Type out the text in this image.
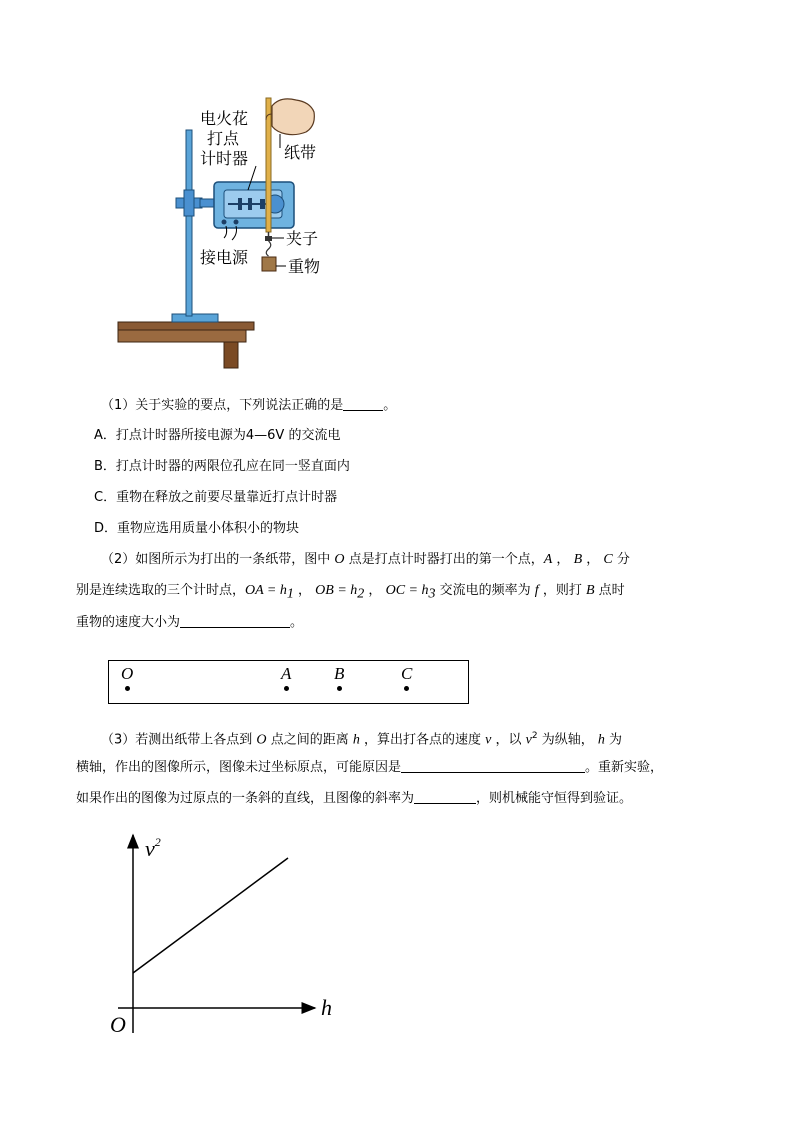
电火花
打点
计时器 纸带
夹子
接电源 重物
（1）关于实验的要点，下列说法正确的是	。
A．打点计时器所接电源为4—6V 的交流电
B．打点计时器的两限位孔应在同一竖直面内
C．重物在释放之前要尽量靠近打点计时器
D．重物应选用质量小体积小的物块
（2）如图所示为打出的一条纸带，图中 O 点是打点计时器打出的第一个点，A ， B ， C 分
别是连续选取的三个计时点，OA = $h_1$ ， OB = $h_2$ ， OC = $h_3$ 交流电的频率为 f ，则打 B 点时
重物的速度大小为	。
O	A	B	C
（3）若测出纸带上各点到 O 点之间的距离 h ，算出打各点的速度 v ，以 $v^2$ 为纵轴， h 为
横轴，作出的图像所示，图像未过坐标原点，可能原因是	。重新实验，
如果作出的图像为过原点的一条斜的直线，且图像的斜率为	，则机械能守恒得到验证。
$v^2$
h
O
